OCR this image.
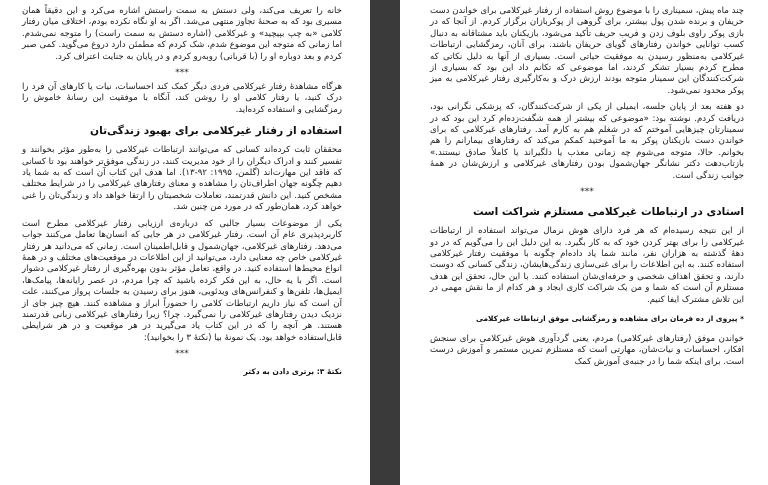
خانه را تعریف می‌کند، ولی دستش به سمت راستش اشاره می‌کرد و این دقیقاً همان مسیری بود که به صحنهٔ تجاوز منتهی می‌شد. اگر به او نگاه نکرده بودم، اختلاف میان رفتار کلامی «به چپ بپیچید» و غیرکلامی (اشاره دستش به سمت راست) را متوجه نمی‌شدم. اما زمانی که متوجه این موضوع شدم، شک کردم که مطمئن دارد دروغ می‌گوید. کمی صبر کردم و بعد دوباره او را (با قربانی) روبه‌رو کردم و در پایان به جنایت اعتراف کرد.

***

هرگاه مشاهدهٔ رفتار غیرکلامی فردی دیگر کمک کند احساسات، نیات یا کارهای آن فرد را درک کنید، یا رفتار کلامی او را روشن کند، آنگاه با موفقیت این رسانهٔ خاموش را رمزگشایی و استفاده کرده‌اید.

استفاده از رفتار غیرکلامی برای بهبود زندگی‌تان

محققان ثابت کرده‌اند کسانی که می‌توانند ارتباطات غیرکلامی را به‌طور مؤثر بخوانند و تفسیر کنند و ادراک دیگران را از خود مدیریت کنند، در زندگی موفق‌تر خواهند بود تا کسانی که فاقد این مهارت‌اند (گلمن، ۱۹۹۵: ۹۲-۱۳). اما هدف این کتاب آن است که به شما یاد دهیم چگونه جهان اطراف‌تان را مشاهده و معنای رفتارهای غیرکلامی را در شرایط مختلف مشخص کنید. این دانش قدرتمند، تعاملات شخصیتان را ارتقا خواهد داد و زندگی‌تان را غنی خواهد کرد، همان‌طور که در مورد من چنین شد.

یکی از موضوعات بسیار جالبی که درباره‌ی ارزیابی رفتار غیرکلامی مطرح است کاربردپذیری عام آن است. رفتار غیرکلامی در هر جایی که انسان‌ها تعامل می‌کنند جواب می‌دهد. رفتارهای غیرکلامی، جهان‌شمول و قابل‌اطمینان است. زمانی که می‌دانید هر رفتار غیرکلامی خاص چه معنایی دارد، می‌توانید از این اطلاعات در موقعیت‌های مختلف و در همهٔ انواع محیط‌ها استفاده کنید. در واقع، تعامل مؤثر بدون بهره‌گیری از رفتار غیرکلامی دشوار است. اگر با یه حال، به این فکر کرده باشید که چرا مردم، در عصر رایانه‌ها، پیامک‌ها، ایمیل‌ها، تلفن‌ها و کنفرانس‌های ویدئویی، هنوز برای رسیدن به جلسات پرواز می‌کنند، علت آن است که نیاز داریم ارتباطات کلامی را حضوراً ابراز و مشاهده کنند. هیچ چیز جای از نزدیک دیدن رفتارهای غیرکلامی را نمی‌گیرد. چرا؟ زیرا رفتارهای غیرکلامی زبانی قدرتمند هستند. هر آنچه را که در این کتاب یاد می‌گیرید در هر موقعیت و در هر شرایطی قابل‌استفاده خواهد بود. یک نمونهٔ بیا (نکتهٔ ۳ را بخوانید):

***

نکتهٔ ۳: برتری دادن به دکتر

چند ماه پیش، سمیناری را با موضوع روش استفاده از رفتار غیرکلامی برای خواندن دست حریفان و برنده شدن پول بیشتر، برای گروهی از پوکربازان برگزار کردم. از آنجا که در بازی پوکر راوی بلوف زدن و فریب حریف تأکید می‌شود، بازیکنان باید مشتاقانه به دنبال کسب توانایی خواندن رفتارهای گویای حریفان باشند. برای آنان، رمزگشایی ارتباطات غیرکلامی به‌منظور رسیدن به موفقیت حیاتی است. بسیاری از آنها به دلیل نکاتی که مطرح کردم بسیار تشکر کردند، اما موضوعی که تکانم داد این بود که بسیاری از شرکت‌کنندگان این سمینار متوجه بودند ارزش درک و به‌کارگیری رفتار غیرکلامی به میز پوکر محدود نمی‌شود.

دو هفته بعد از پایان جلسه، ایمیلی از یکی از شرکت‌کنندگان، که پزشکی نگرانی بود، دریافت کردم. نوشته بود: «موضوعی که بیشتر از همه شگفت‌زده‌ام کرد این بود که در سمینارتان چیزهایی آموختم که در شغلم هم به کارم آمد. رفتارهای غیرکلامی که برای خواندن دست بازیکنان پوکر به ما آموختید کمکم می‌کند که رفتارهای بیمارانم را هم بخوانم. حالا، متوجه می‌شوم چه زمانی معذب یا دلگیراند یا کاملاً صادق نیستند.» بازتاب‌دهت دکتر نشانگر جهان‌شمول بودن رفتارهای غیرکلامی و ارزش‌شان در همهٔ جوانب زندگی است.

***
استادی در ارتباطات غیرکلامی مستلزم شراکت است

از این نتیجه رسیده‌ام که هر فرد دارای هوش نرمال می‌تواند استفاده از ارتباطات غیرکلامی را برای بهتر کردن خود که به کار بگیرد. به این دلیل این را می‌گویم که در دو دههٔ گذشته به هزاران نفر، مانند شما یاد داده‌ام چگونه با موفقیت رفتار غیرکلامی استفاده کنند. به این اطلاعات را برای غنی‌سازی زندگی‌هایشان، زندگی کسانی که دوست دارند، و تحقق اهداف شخصی و حرفه‌ای‌شان استفاده کنند. با این حال، تحقق این هدف مستلزم آن است که شما و من یک شراکت کاری ایجاد و هر کدام از ما نقش مهمی در این تلاش مشترک ایفا کنیم.

* پیروی از ده فرمان برای مشاهده و رمزگشایی موفق ارتباطات غیرکلامی

خواندن موفق (رفتارهای غیرکلامی) مردم، یعنی گردآوری هوش غیرکلامی برای سنجش افکار، احساسات و نیات‌شان، مهارتی است که مستلزم تمرین مستمر و آموزش درست است. برای اینکه شما را در جنبه‌ی آموزش کمک
